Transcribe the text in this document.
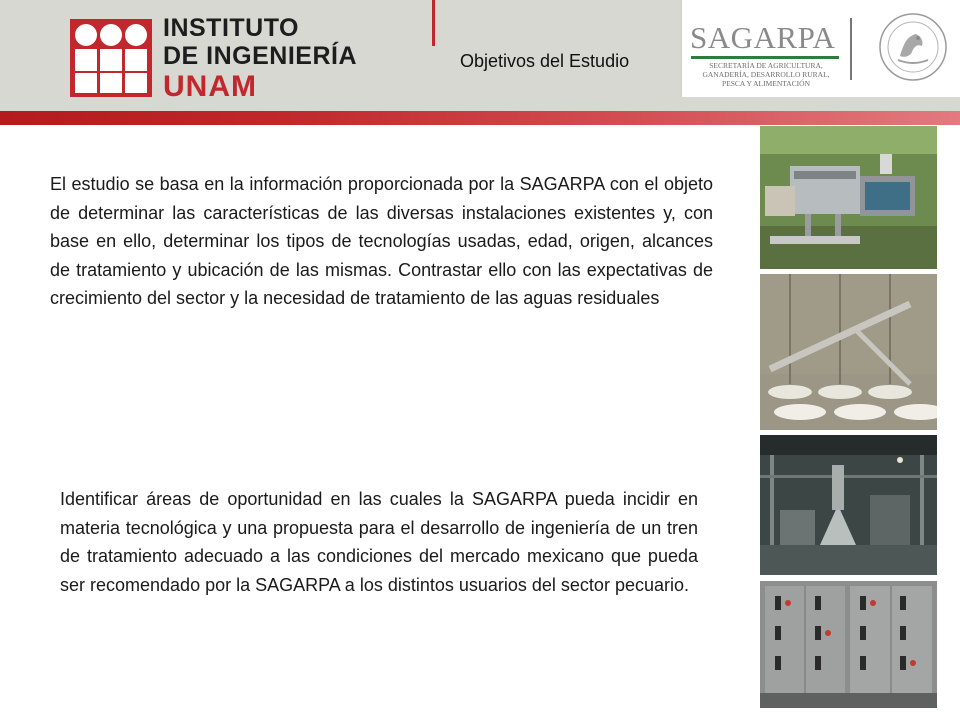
INSTITUTO
DE INGENIERÍA
UNAM
Objetivos del Estudio
SAGARPA
SECRETARÍA DE AGRICULTURA, GANADERÍA, DESARROLLO RURAL, PESCA Y ALIMENTACIÓN

El estudio se basa en la información proporcionada por la SAGARPA con el objeto de determinar las características de las diversas instalaciones existentes y, con base en ello, determinar los tipos de tecnologías usadas, edad, origen, alcances de tratamiento y ubicación de las mismas. Contrastar ello con las expectativas de crecimiento del sector y la necesidad de tratamiento de las aguas residuales

Identificar áreas de oportunidad en las cuales la SAGARPA pueda incidir en materia tecnológica y una propuesta para el desarrollo de ingeniería de un tren de tratamiento adecuado a las condiciones del mercado mexicano que pueda ser recomendado por la SAGARPA a los distintos usuarios del sector pecuario.
